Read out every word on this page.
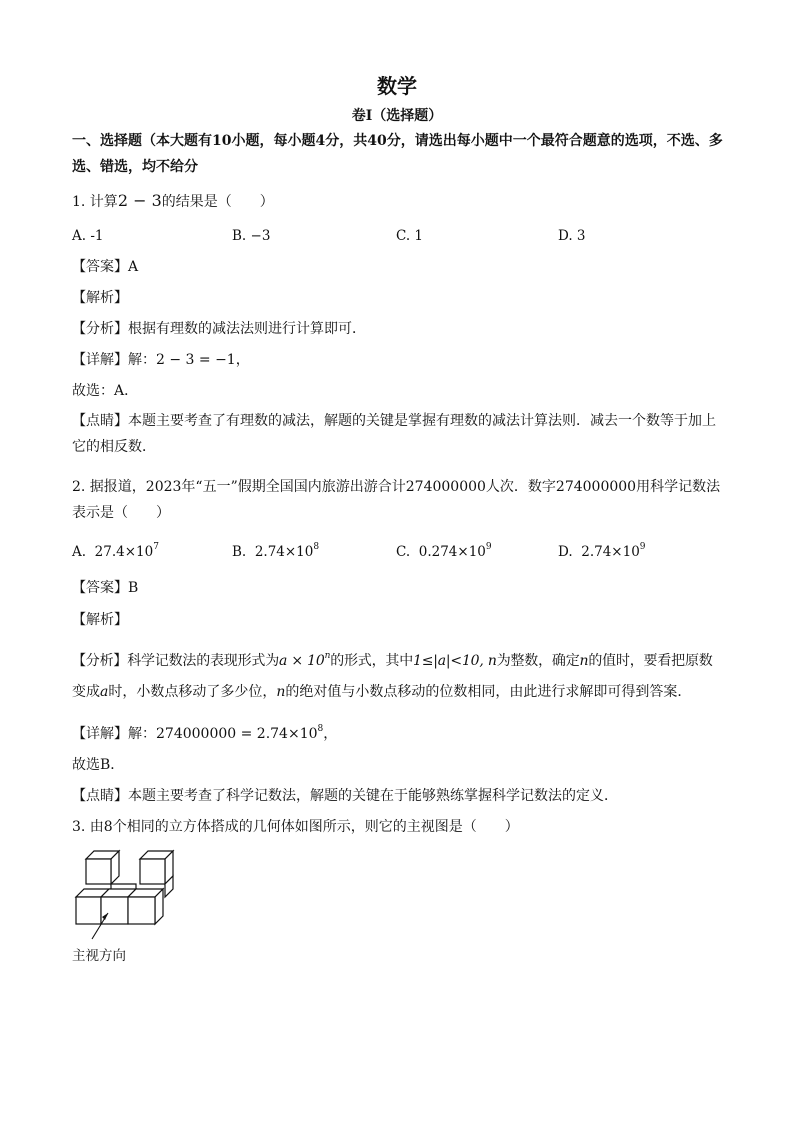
数学
卷Ⅰ（选择题）
一、选择题（本大题有10小题，每小题4分，共40分，请选出每小题中一个最符合题意的选项，不选、多选、错选，均不给分
1. 计算2 − 3的结果是（　　）
A. -1	B. −3	C. 1	D. 3
【答案】A
【解析】
【分析】根据有理数的减法法则进行计算即可．
【详解】解：2 − 3 = −1，
故选：A．
【点睛】本题主要考查了有理数的减法，解题的关键是掌握有理数的减法计算法则．减去一个数等于加上它的相反数．
2. 据报道，2023年“五一”假期全国国内旅游出游合计274000000人次．数字274000000用科学记数法表示是（　　）
A. $27.4\times 10^7$	B. $2.74\times 10^8$	C. $0.274\times 10^9$	D. $2.74\times 10^9$
【答案】B
【解析】
【分析】科学记数法的表现形式为$a \times 10^n$的形式，其中1≤|a|<10, n为整数，确定n的值时，要看把原数
变成a时，小数点移动了多少位，n的绝对值与小数点移动的位数相同，由此进行求解即可得到答案．
【详解】解：$274000000 = 2.74\times 10^8$，
故选B．
【点睛】本题主要考查了科学记数法，解题的关键在于能够熟练掌握科学记数法的定义．
3. 由8个相同的立方体搭成的几何体如图所示，则它的主视图是（　　）
主视方向
